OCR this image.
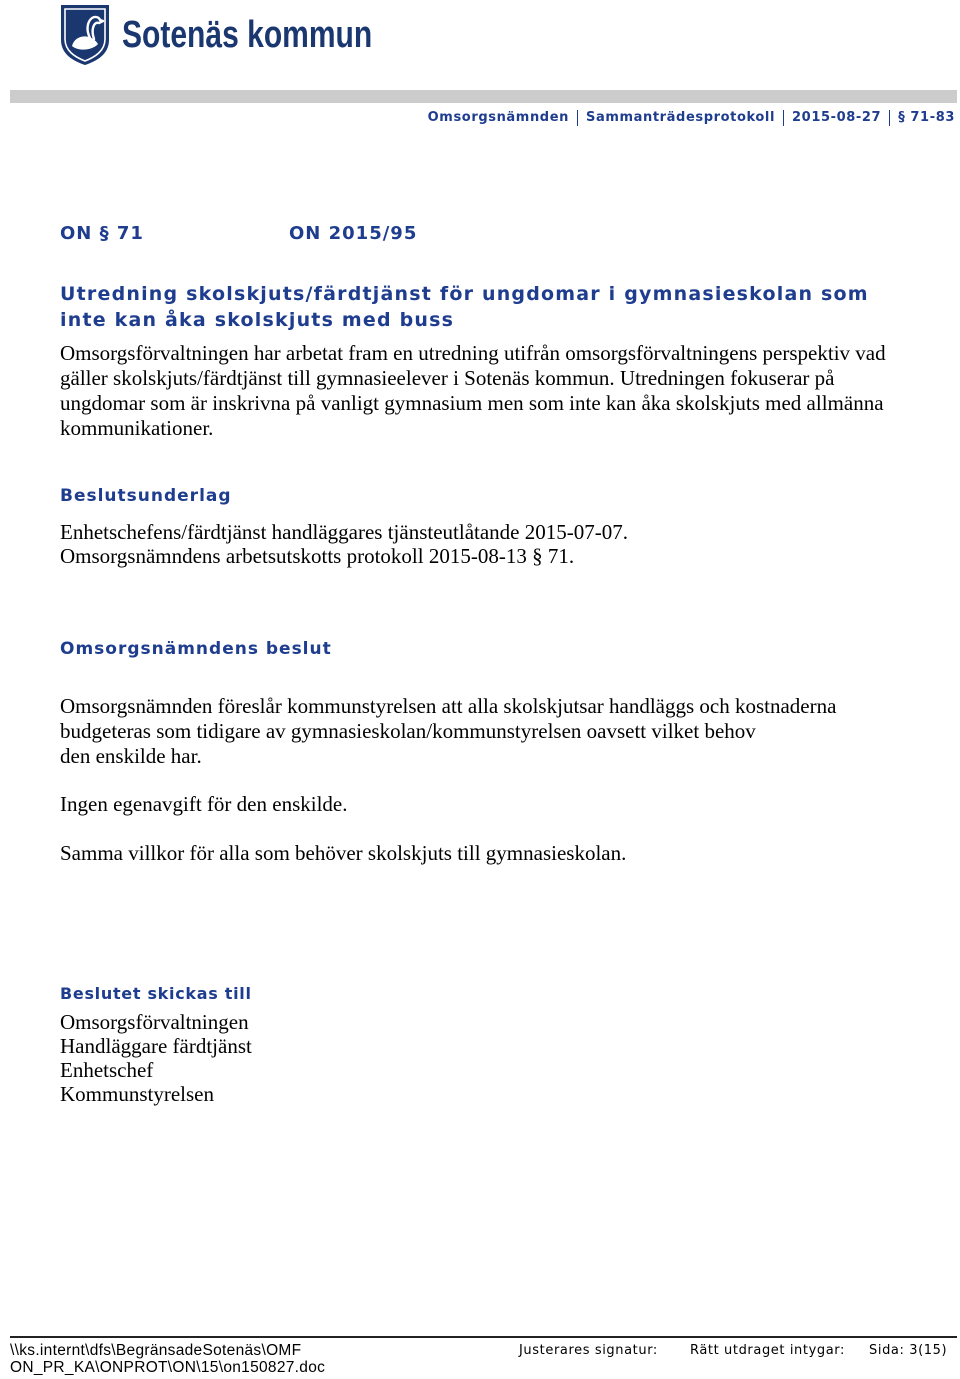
Sotenäs kommun
Omsorgsnämnden Sammanträdesprotokoll 2015-08-27 § 71-83
ON § 71	ON 2015/95
Utredning skolskjuts/färdtjänst för ungdomar i gymnasieskolan som
inte kan åka skolskjuts med buss
Omsorgsförvaltningen har arbetat fram en utredning utifrån omsorgsförvaltningens perspektiv vad
gäller skolskjuts/färdtjänst till gymnasieelever i Sotenäs kommun. Utredningen fokuserar på
ungdomar som är inskrivna på vanligt gymnasium men som inte kan åka skolskjuts med allmänna
kommunikationer.
Beslutsunderlag
Enhetschefens/färdtjänst handläggares tjänsteutlåtande 2015-07-07.
Omsorgsnämndens arbetsutskotts protokoll 2015-08-13 § 71.
Omsorgsnämndens beslut
Omsorgsnämnden föreslår kommunstyrelsen att alla skolskjutsar handläggs och kostnaderna
budgeteras som tidigare av gymnasieskolan/kommunstyrelsen oavsett vilket behov
den enskilde har.
Ingen egenavgift för den enskilde.
Samma villkor för alla som behöver skolskjuts till gymnasieskolan.
Beslutet skickas till
Omsorgsförvaltningen
Handläggare färdtjänst
Enhetschef
Kommunstyrelsen
\\ks.internt\dfs\BegränsadeSotenäs\OMF
ON_PR_KA\ONPROT\ON\15\on150827.doc
Justerares signatur: Rätt utdraget intygar: Sida: 3(15)
